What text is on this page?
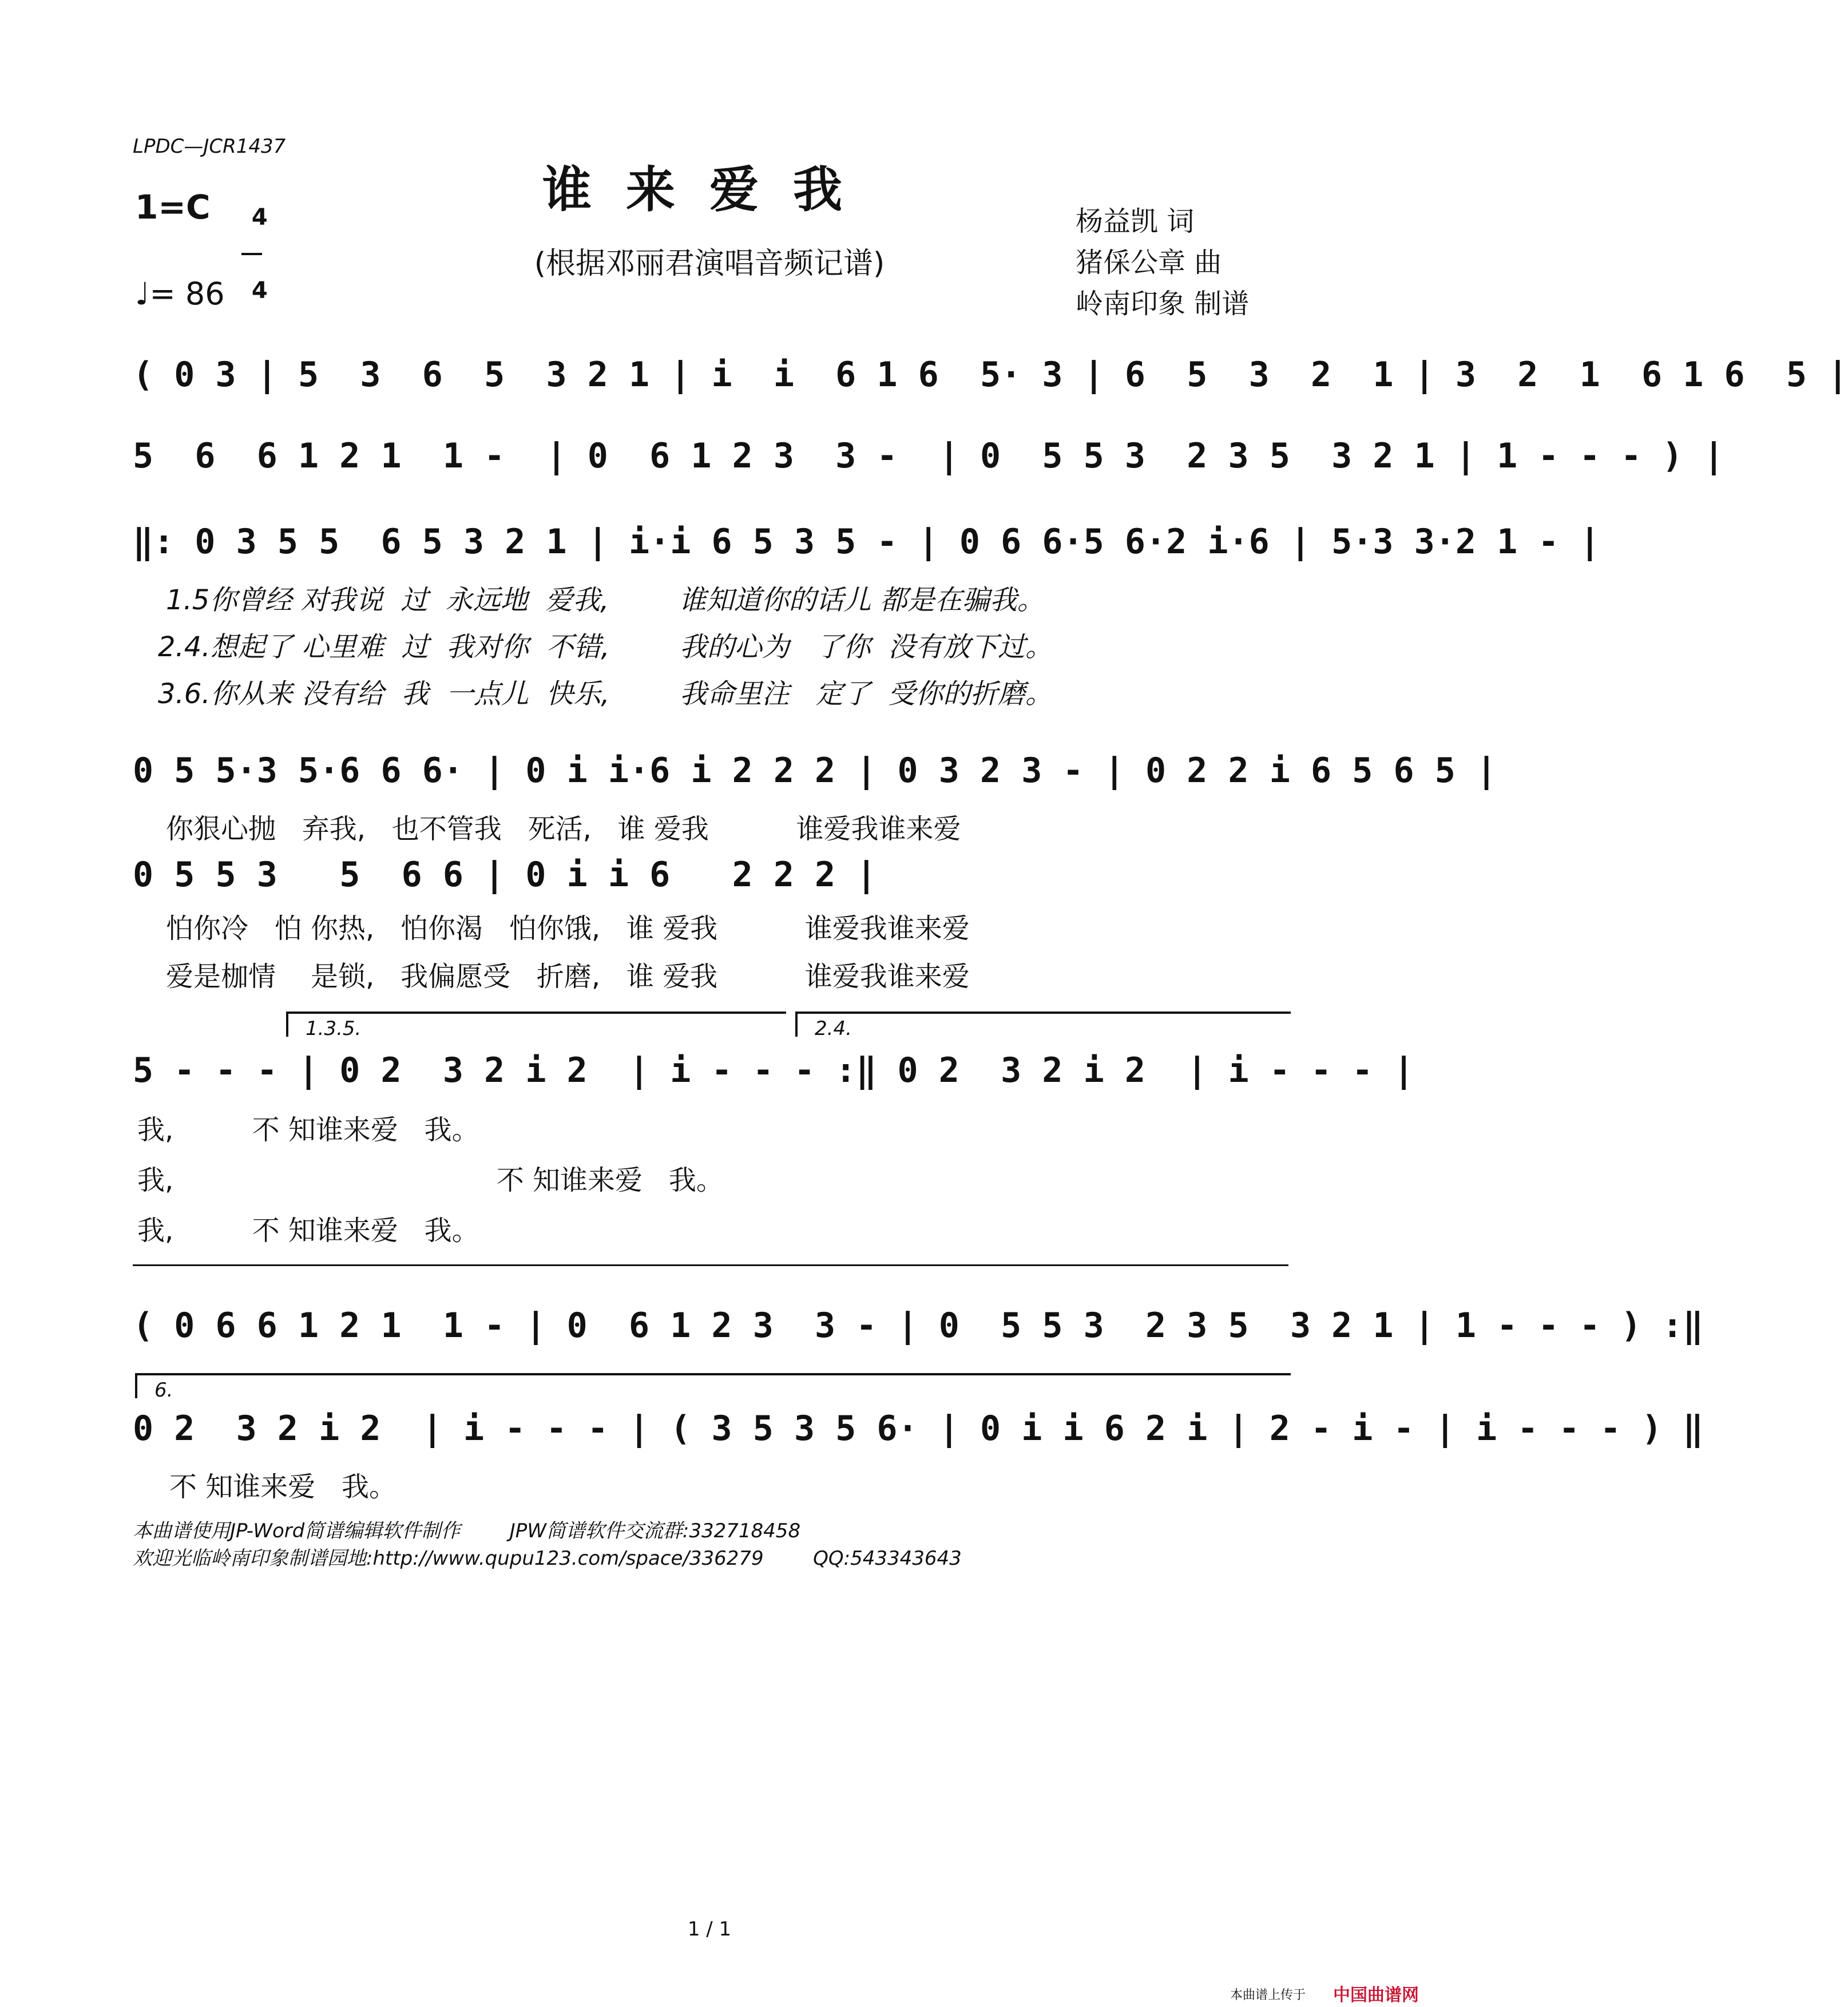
LPDC—JCR1437
谁来爱我
(根据邓丽君演唱音频记谱)
1=C	4

4

♩= 86
杨益凯 词
猪倸公章 曲
岭南印象 制谱
( 0 3 | 5  3  6  5  3 2 1 | i  i  6 1 6  5· 3 | 6  5  3  2  1 | 3  2  1  6 1 6  5 |
5  6  6 1 2 1  1 -  | 0  6 1 2 3  3 -  | 0  5 5 3  2 3 5  3 2 1 | 1 - - - ) |
‖: 0 3 5 5  6 5 3 2 1 | i·i 6 5 3 5 - | 0 6 6·5 6·2 i·6 | 5·3 3·2 1 - |
1.5你曾经 对我说  过  永远地  爱我,        谁知道你的话儿 都是在骗我。
2.4.想起了 心里难  过  我对你  不错,        我的心为   了你  没有放下过。
3.6.你从来 没有给  我  一点儿  快乐,        我命里注   定了  受你的折磨。
0 5 5·3 5·6 6 6· | 0 i i·6 i 2 2 2 | 0 3 2 3 - | 0 2 2 i 6 5 6 5 |
你狠心抛   弃我,   也不管我   死活,   谁 爱我          谁爱我谁来爱
0 5 5 3   5  6 6 | 0 i i 6   2 2 2 |
怕你冷   怕 你热,   怕你渴   怕你饿,   谁 爱我          谁爱我谁来爱
爱是枷情    是锁,   我偏愿受   折磨,   谁 爱我          谁爱我谁来爱
1.3.5.	2.4.
5 - - - | 0 2  3 2 i 2  | i - - - :‖ 0 2  3 2 i 2  | i - - - |
我,         不 知谁来爱   我。
我,                                     不 知谁来爱   我。
我,         不 知谁来爱   我。
( 0 6 6 1 2 1  1 - | 0  6 1 2 3  3 - | 0  5 5 3  2 3 5  3 2 1 | 1 - - - ) :‖
6.
0 2  3 2 i 2  | i - - - | ( 3 5 3 5 6· | 0 i i 6 2 i | 2 - i - | i - - - ) ‖
不 知谁来爱   我。
本曲谱使用JP-Word简谱编辑软件制作        JPW简谱软件交流群:332718458
欢迎光临岭南印象制谱园地:http://www.qupu123.com/space/336279        QQ:543343643
1 / 1
本曲谱上传于 中国曲谱网
